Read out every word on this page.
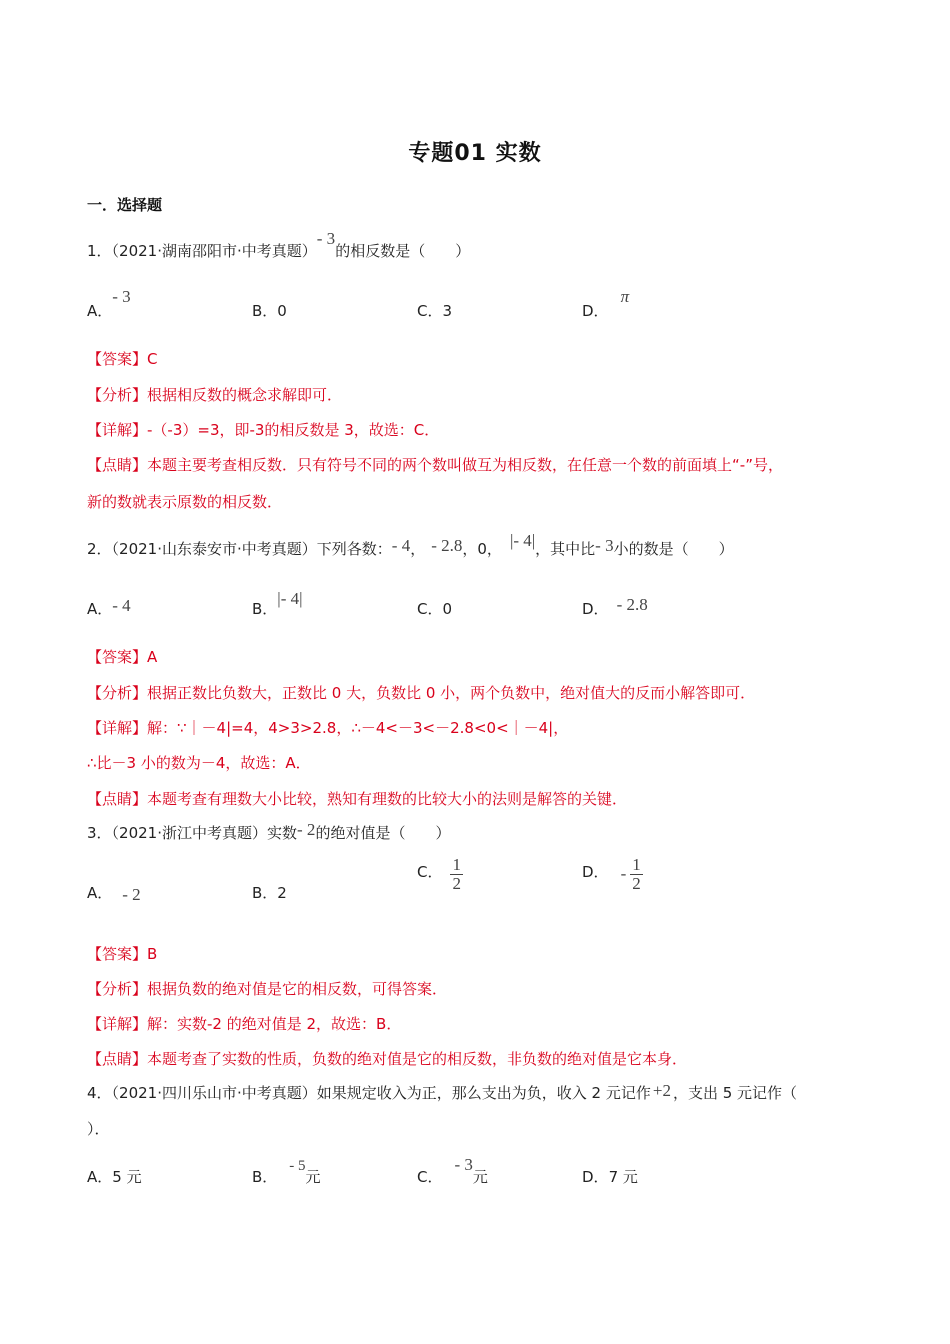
专题01 实数
一．选择题
1．（2021·湖南邵阳市·中考真题）- 3的相反数是（　　）
A．- 3
B．0	C．3	D．π
【答案】C
【分析】根据相反数的概念求解即可．
【详解】-（-3）=3，即-3的相反数是 3，故选：C．
【点睛】本题主要考查相反数．只有符号不同的两个数叫做互为相反数，在任意一个数的前面填上“-”号，
新的数就表示原数的相反数．
2．（2021·山东泰安市·中考真题）下列各数：- 4， - 2.8，0， |- 4|，其中比- 3小的数是（　　）
A．- 4	B．|- 4|
C．0	D． - 2.8
【答案】A
【分析】根据正数比负数大，正数比 0 大，负数比 0 小，两个负数中，绝对值大的反而小解答即可．
【详解】解：∵｜－4|=4，4>3>2.8，∴－4<－3<－2.8<0<｜－4|，
∴比－3 小的数为－4，故选：A．
【点睛】本题考查有理数大小比较，熟知有理数的比较大小的法则是解答的关键．
3．（2021·浙江中考真题）实数- 2的绝对值是（　　）
A． - 2	B．2
C． $\frac{1}{2}$	D． - $\frac{1}{2}$
【答案】B
【分析】根据负数的绝对值是它的相反数，可得答案．
【详解】解：实数-2 的绝对值是 2，故选：B．
【点睛】本题考查了实数的性质，负数的绝对值是它的相反数，非负数的绝对值是它本身．
4．（2021·四川乐山市·中考真题）如果规定收入为正，那么支出为负，收入 2 元记作 +2 ，支出 5 元记作（
）．
A．5 元	B．- 5元	C．- 3元	D．7 元
